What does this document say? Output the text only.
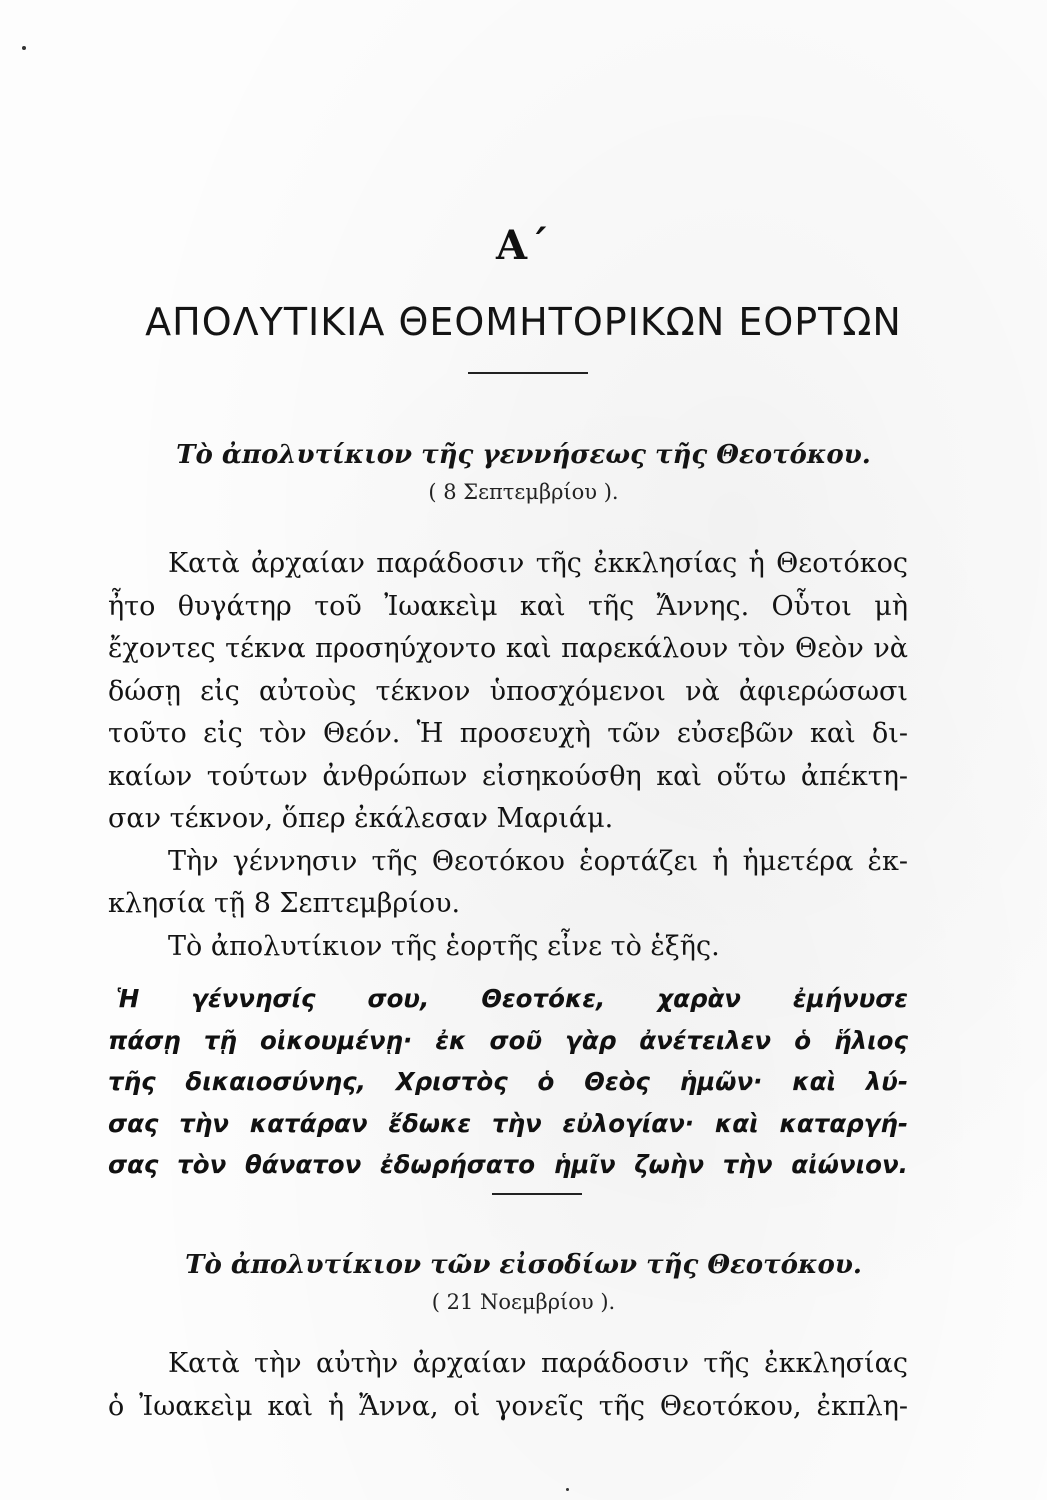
Α΄
ΑΠΟΛΥΤΙΚΙΑ ΘΕΟΜΗΤΟΡΙΚΩΝ ΕΟΡΤΩΝ
Τὸ ἀπολυτίκιον τῆς γεννήσεως τῆς Θεοτόκου.
( 8 Σεπτεμβρίου ).
Κατὰ ἀρχαίαν παράδοσιν τῆς ἐκκλησίας ἡ Θεοτόκος
ἦτο θυγάτηρ τοῦ Ἰωακεὶμ καὶ τῆς Ἄννης. Οὗτοι μὴ
ἔχοντες τέκνα προσηύχοντο καὶ παρεκάλουν τὸν Θεὸν νὰ
δώσῃ εἰς αὐτοὺς τέκνον ὑποσχόμενοι νὰ ἀφιερώσωσι
τοῦτο εἰς τὸν Θεόν. Ἡ προσευχὴ τῶν εὐσεβῶν καὶ δι-
καίων τούτων ἀνθρώπων εἰσηκούσθη καὶ οὕτω ἀπέκτη-
σαν τέκνον, ὅπερ ἐκάλεσαν Μαριάμ.
Τὴν γέννησιν τῆς Θεοτόκου ἑορτάζει ἡ ἡμετέρα ἐκ-
κλησία τῇ 8 Σεπτεμβρίου.
Τὸ ἀπολυτίκιον τῆς ἑορτῆς εἶνε τὸ ἑξῆς.
Ἡ γέννησίς σου, Θεοτόκε, χαρὰν ἐμήνυσε
πάσῃ τῇ οἰκουμένῃ· ἐκ σοῦ γὰρ ἀνέτειλεν ὁ ἥλιος
τῆς δικαιοσύνης, Χριστὸς ὁ Θεὸς ἡμῶν· καὶ λύ-
σας τὴν κατάραν ἔδωκε τὴν εὐλογίαν· καὶ καταργή-
σας τὸν θάνατον ἐδωρήσατο ἡμῖν ζωὴν τὴν αἰώνιον.
Τὸ ἀπολυτίκιον τῶν εἰσοδίων τῆς Θεοτόκου.
( 21 Νοεμβρίου ).
Κατὰ τὴν αὐτὴν ἀρχαίαν παράδοσιν τῆς ἐκκλησίας
ὁ Ἰωακεὶμ καὶ ἡ Ἄννα, οἱ γονεῖς τῆς Θεοτόκου, ἐκπλη-
